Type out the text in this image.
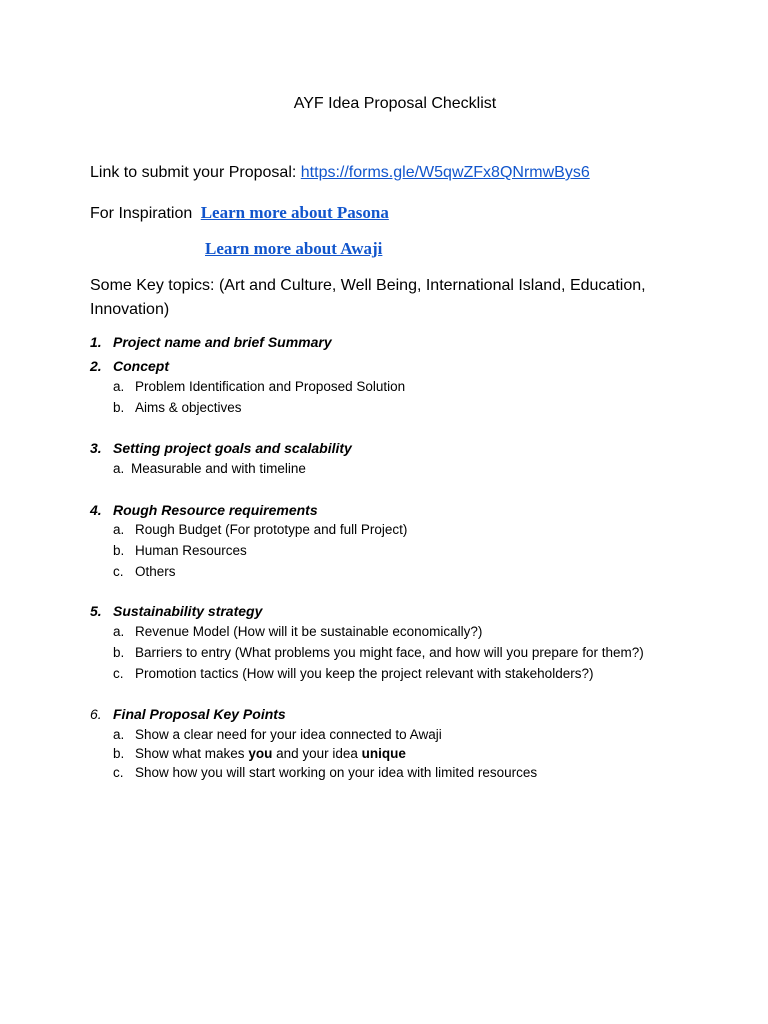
AYF Idea Proposal Checklist
Link to submit your Proposal: https://forms.gle/W5qwZFx8QNrmwBys6
For Inspiration Learn more about Pasona
Learn more about Awaji
Some Key topics: (Art and Culture, Well Being, International Island, Education, Innovation)
1. Project name and brief Summary
2. Concept
a. Problem Identification and Proposed Solution
b. Aims & objectives
3. Setting project goals and scalability
a. Measurable and with timeline
4. Rough Resource requirements
a. Rough Budget (For prototype and full Project)
b. Human Resources
c. Others
5. Sustainability strategy
a. Revenue Model (How will it be sustainable economically?)
b. Barriers to entry (What problems you might face, and how will you prepare for them?)
c. Promotion tactics (How will you keep the project relevant with stakeholders?)
6. Final Proposal Key Points
a. Show a clear need for your idea connected to Awaji
b. Show what makes you and your idea unique
c. Show how you will start working on your idea with limited resources
